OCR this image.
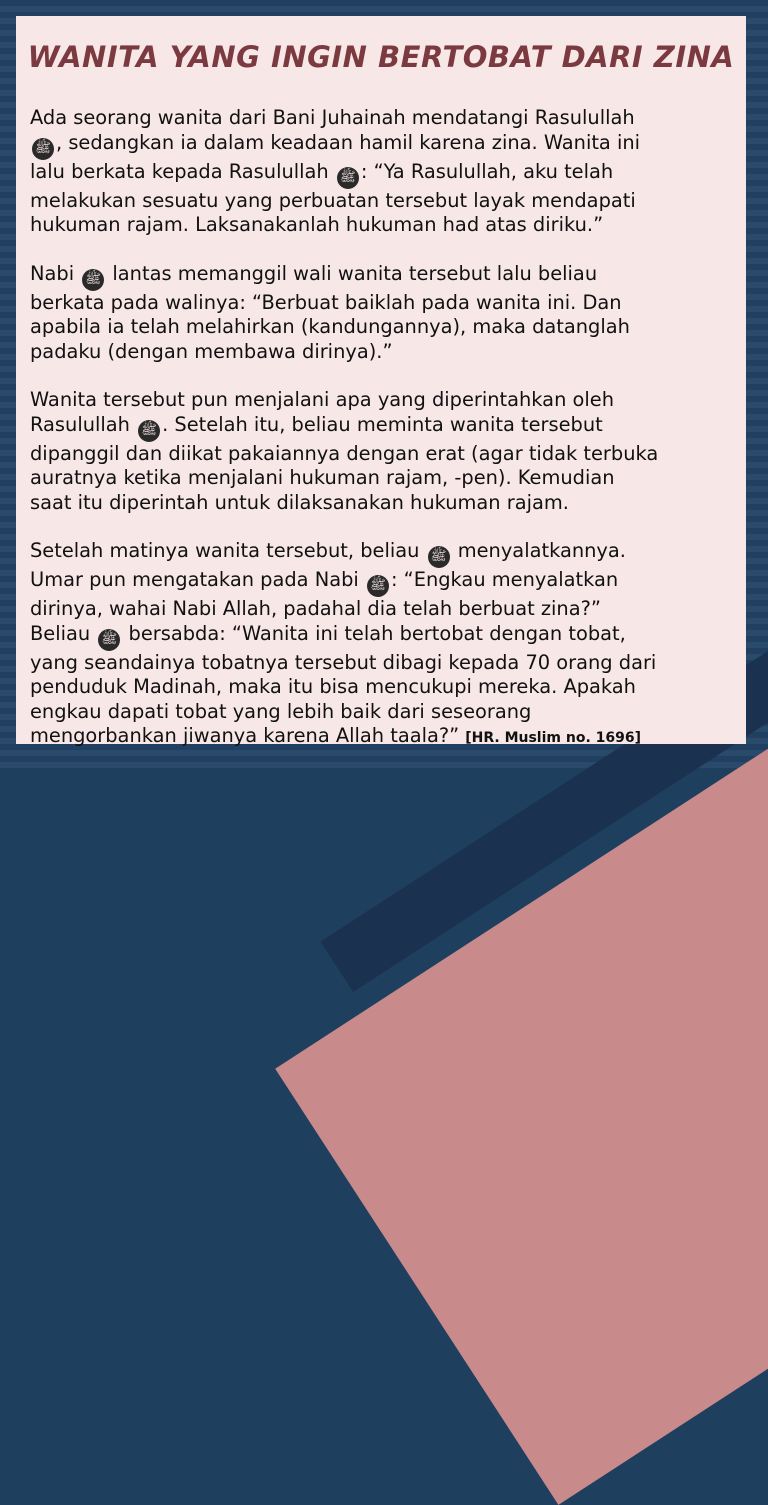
WANITA YANG INGIN BERTOBAT DARI ZINA

Ada seorang wanita dari Bani Juhainah mendatangi Rasulullah
ﷺ , sedangkan ia dalam keadaan hamil karena zina. Wanita ini
lalu berkata kepada Rasulullah ﷺ : “Ya Rasulullah, aku telah
melakukan sesuatu yang perbuatan tersebut layak mendapati
hukuman rajam. Laksanakanlah hukuman had atas diriku.”

Nabi ﷺ lantas memanggil wali wanita tersebut lalu beliau
berkata pada walinya: “Berbuat baiklah pada wanita ini. Dan
apabila ia telah melahirkan (kandungannya), maka datanglah
padaku (dengan membawa dirinya).”

Wanita tersebut pun menjalani apa yang diperintahkan oleh
Rasulullah ﷺ . Setelah itu, beliau meminta wanita tersebut
dipanggil dan diikat pakaiannya dengan erat (agar tidak terbuka
auratnya ketika menjalani hukuman rajam, -pen). Kemudian
saat itu diperintah untuk dilaksanakan hukuman rajam.

Setelah matinya wanita tersebut, beliau ﷺ menyalatkannya.
Umar pun mengatakan pada Nabi ﷺ : “Engkau menyalatkan
dirinya, wahai Nabi Allah, padahal dia telah berbuat zina?”
Beliau ﷺ bersabda: “Wanita ini telah bertobat dengan tobat,
yang seandainya tobatnya tersebut dibagi kepada 70 orang dari
penduduk Madinah, maka itu bisa mencukupi mereka. Apakah
engkau dapati tobat yang lebih baik dari seseorang
mengorbankan jiwanya karena Allah taala?” [HR. Muslim no. 1696]
